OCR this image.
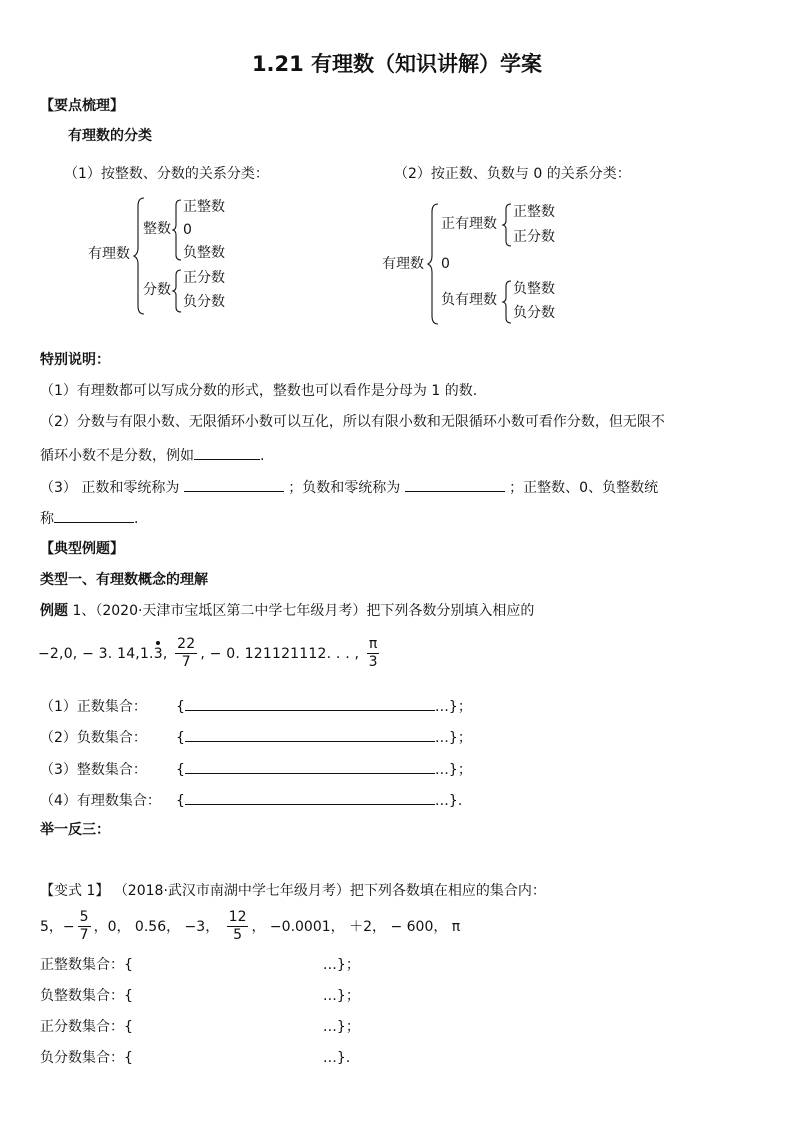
1.21 有理数（知识讲解）学案
【要点梳理】
有理数的分类
（1）按整数、分数的关系分类：
有理数
整数
正整数
0
负整数
分数
正分数
负分数
（2）按正数、负数与 0 的关系分类：
有理数
正有理数
正整数
正分数
0
负有理数
负整数
负分数
特别说明：
（1）有理数都可以写成分数的形式，整数也可以看作是分母为 1 的数.
（2）分数与有限小数、无限循环小数可以互化，所以有限小数和无限循环小数可看作分数，但无限不
循环小数不是分数，例如	.
（3） 正数和零统称为	；负数和零统称为	；正整数、0、负整数统
称	.
【典型例题】
类型一、有理数概念的理解
例题 1、（2020·天津市宝坻区第二中学七年级月考）把下列各数分别填入相应的
−2,0, − 3. 14,1.3, $\frac{22}{7}$ , − 0. 121121112. . . , $\frac{\pi}{3}$
（1）正数集合： {	…}；
（2）负数集合： {	…}；
（3）整数集合： {	…}；
（4）有理数集合： {	…}.
举一反三：
【变式 1】 （2018·武汉市南湖中学七年级月考）把下列各数填在相应的集合内：
5，− $\frac{5}{7}$ ，0， 0.56， −3， $\frac{12}{5}$ ， −0.0001， ＋2， − 600， π
正整数集合：{	…}；
负整数集合：{	…}；
正分数集合：{	…}；
负分数集合：{	…}.
